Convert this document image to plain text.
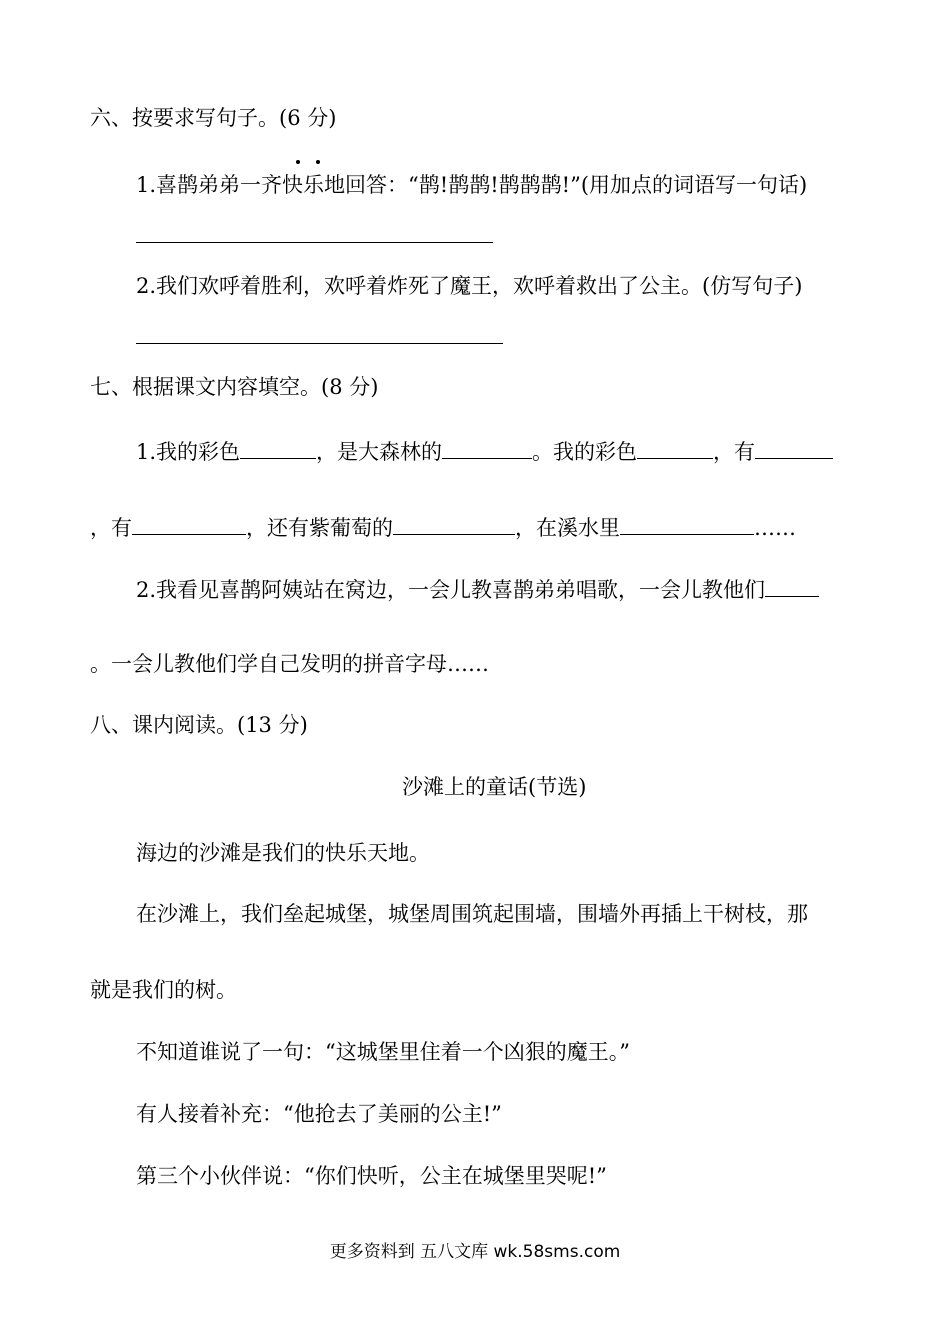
六、按要求写句子。(6 分)
1.喜鹊弟弟一齐快乐地回答：“鹊!鹊鹊!鹊鹊鹊!”(用加点的词语写一句话)
2.我们欢呼着胜利，欢呼着炸死了魔王，欢呼着救出了公主。(仿写句子)
七、根据课文内容填空。(8 分)
1.我的彩色	，是大森林的	。我的彩色	，有
，有	，还有紫葡萄的	，在溪水里	……
2.我看见喜鹊阿姨站在窝边，一会儿教喜鹊弟弟唱歌，一会儿教他们
。一会儿教他们学自己发明的拼音字母……
八、课内阅读。(13 分)
沙滩上的童话(节选)
海边的沙滩是我们的快乐天地。
在沙滩上，我们垒起城堡，城堡周围筑起围墙，围墙外再插上干树枝，那
就是我们的树。
不知道谁说了一句：“这城堡里住着一个凶狠的魔王。”
有人接着补充：“他抢去了美丽的公主!”
第三个小伙伴说：“你们快听，公主在城堡里哭呢!”
更多资料到 五八文库 wk.58sms.com
